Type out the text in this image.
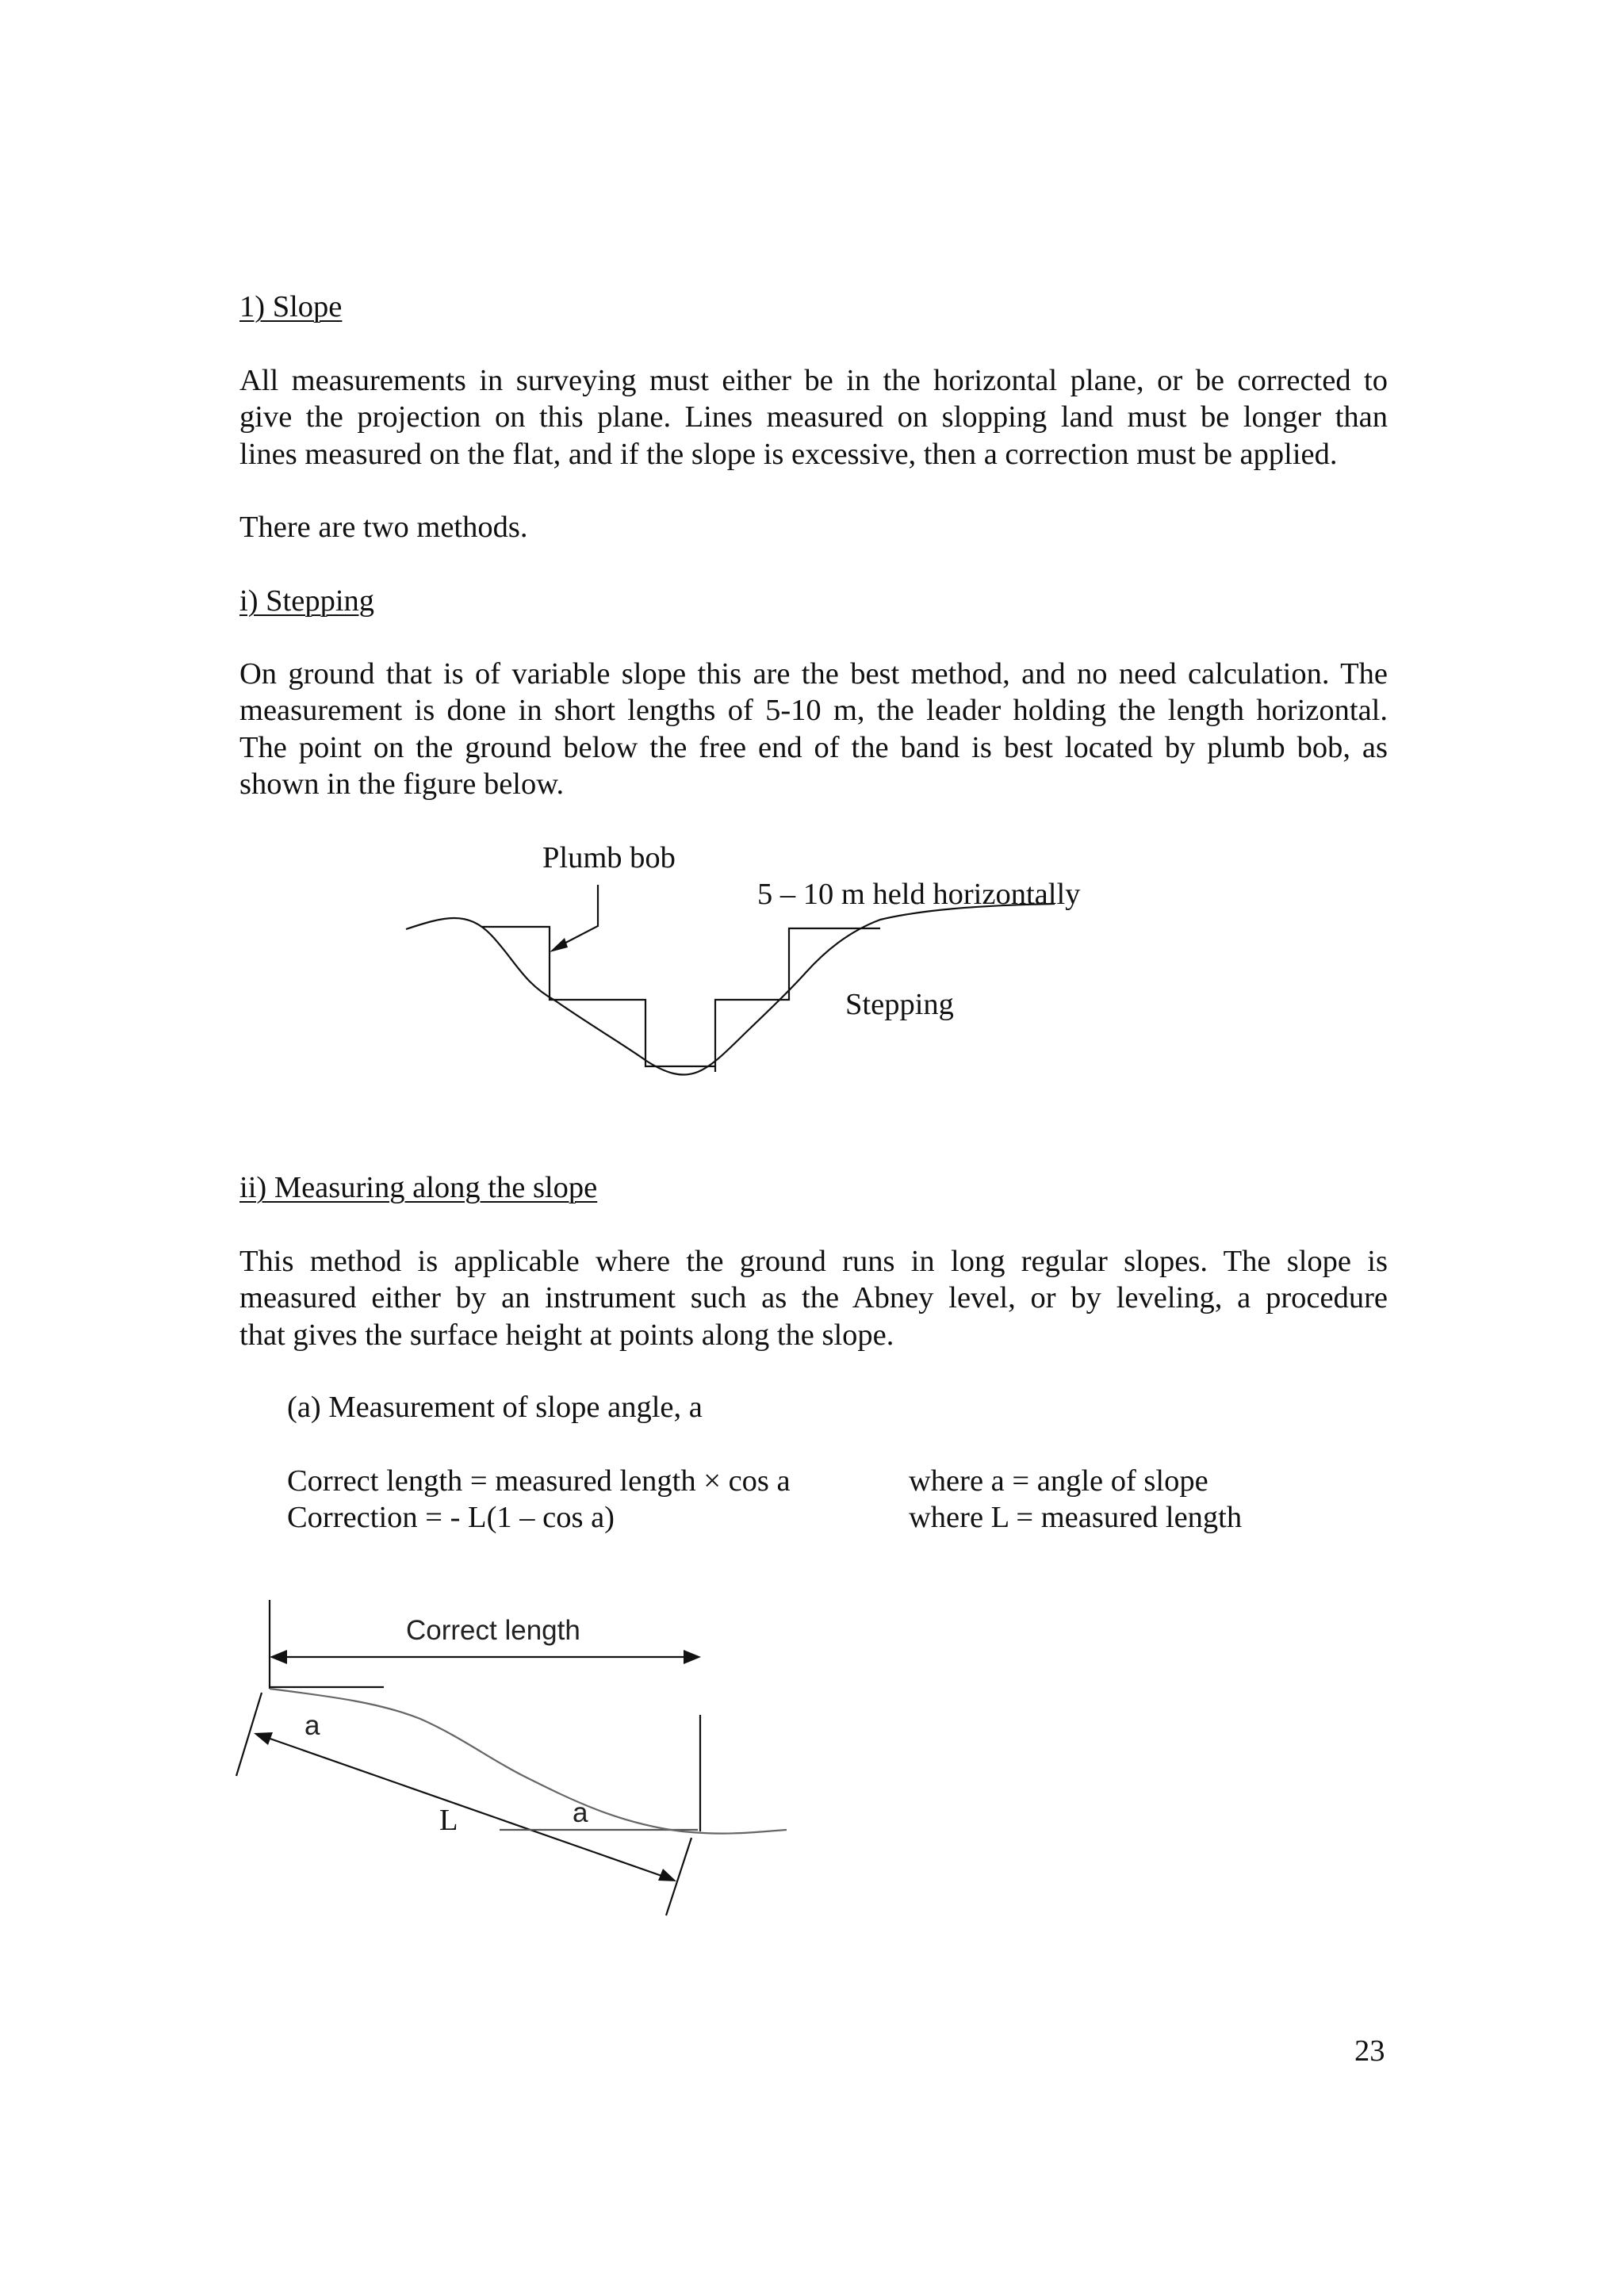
1) Slope

All measurements in surveying must either be in the horizontal plane, or be corrected to
give the projection on this plane. Lines measured on slopping land must be longer than
lines measured on the flat, and if the slope is excessive, then a correction must be applied.

There are two methods.

i) Stepping

On ground that is of variable slope this are the best method, and no need calculation. The
measurement is done in short lengths of 5-10 m, the leader holding the length horizontal.
The point on the ground below the free end of the band is best located by plumb bob, as
shown in the figure below.

Plumb bob
5 – 10 m held horizontally
Stepping

ii) Measuring along the slope

This method is applicable where the ground runs in long regular slopes. The slope is
measured either by an instrument such as the Abney level, or by leveling, a procedure
that gives the surface height at points along the slope.

(a) Measurement of slope angle, a

Correct length = measured length × cos a

Correction = - L(1 – cos a)

where a = angle of slope

where L = measured length

Correct length
a
a
L

23
